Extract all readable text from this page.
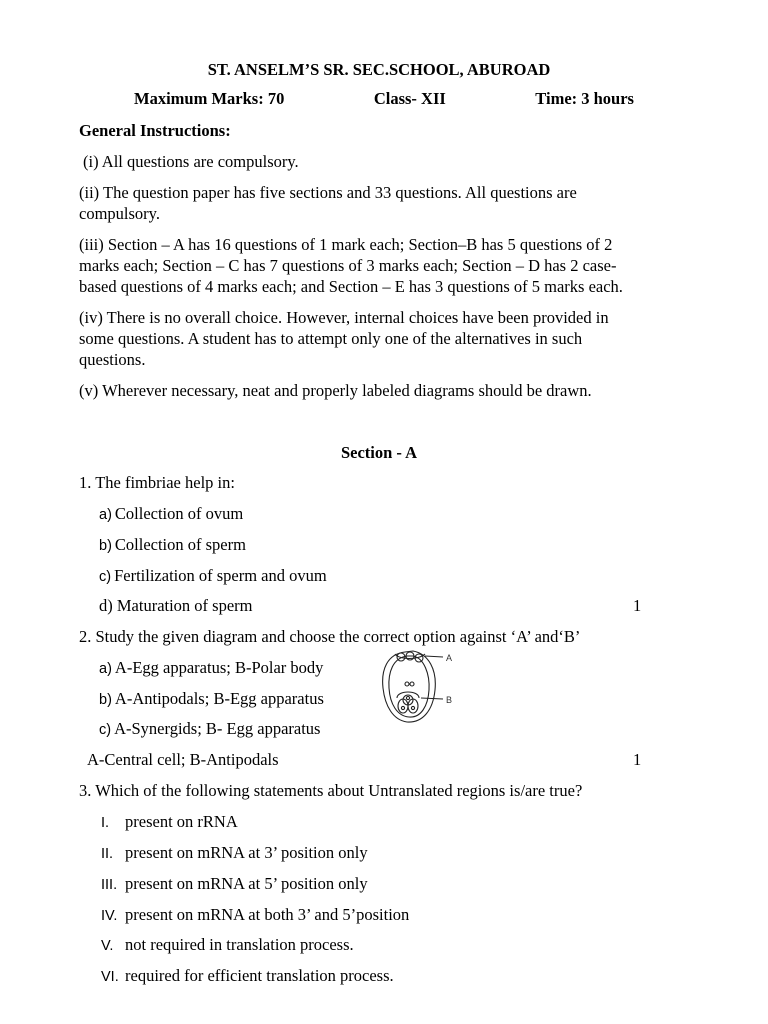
ST. ANSELM’S SR. SEC.SCHOOL, ABUROAD
Maximum Marks: 70	Class- XII	Time: 3 hours
General Instructions:
(i) All questions are compulsory.
(ii) The question paper has five sections and 33 questions. All questions are
compulsory.
(iii) Section – A has 16 questions of 1 mark each; Section–B has 5 questions of 2
marks each; Section – C has 7 questions of 3 marks each; Section – D has 2 case-
based questions of 4 marks each; and Section – E has 3 questions of 5 marks each.
(iv) There is no overall choice. However, internal choices have been provided in
some questions. A student has to attempt only one of the alternatives in such
questions.
(v) Wherever necessary, neat and properly labeled diagrams should be drawn.
Section - A
1. The fimbriae help in:
a) Collection of ovum
b) Collection of sperm
c) Fertilization of sperm and ovum
d) Maturation of sperm	1
2. Study the given diagram and choose the correct option against ‘A’ and‘B’
a) A-Egg apparatus; B-Polar body
b) A-Antipodals; B-Egg apparatus
c) A-Synergids; B- Egg apparatus
A-Central cell; B-Antipodals	1
A
B
3. Which of the following statements about Untranslated regions is/are true?
I. present on rRNA
II. present on mRNA at 3’ position only
III. present on mRNA at 5’ position only
IV. present on mRNA at both 3’ and 5’position
V. not required in translation process.
VI. required for efficient translation process.
